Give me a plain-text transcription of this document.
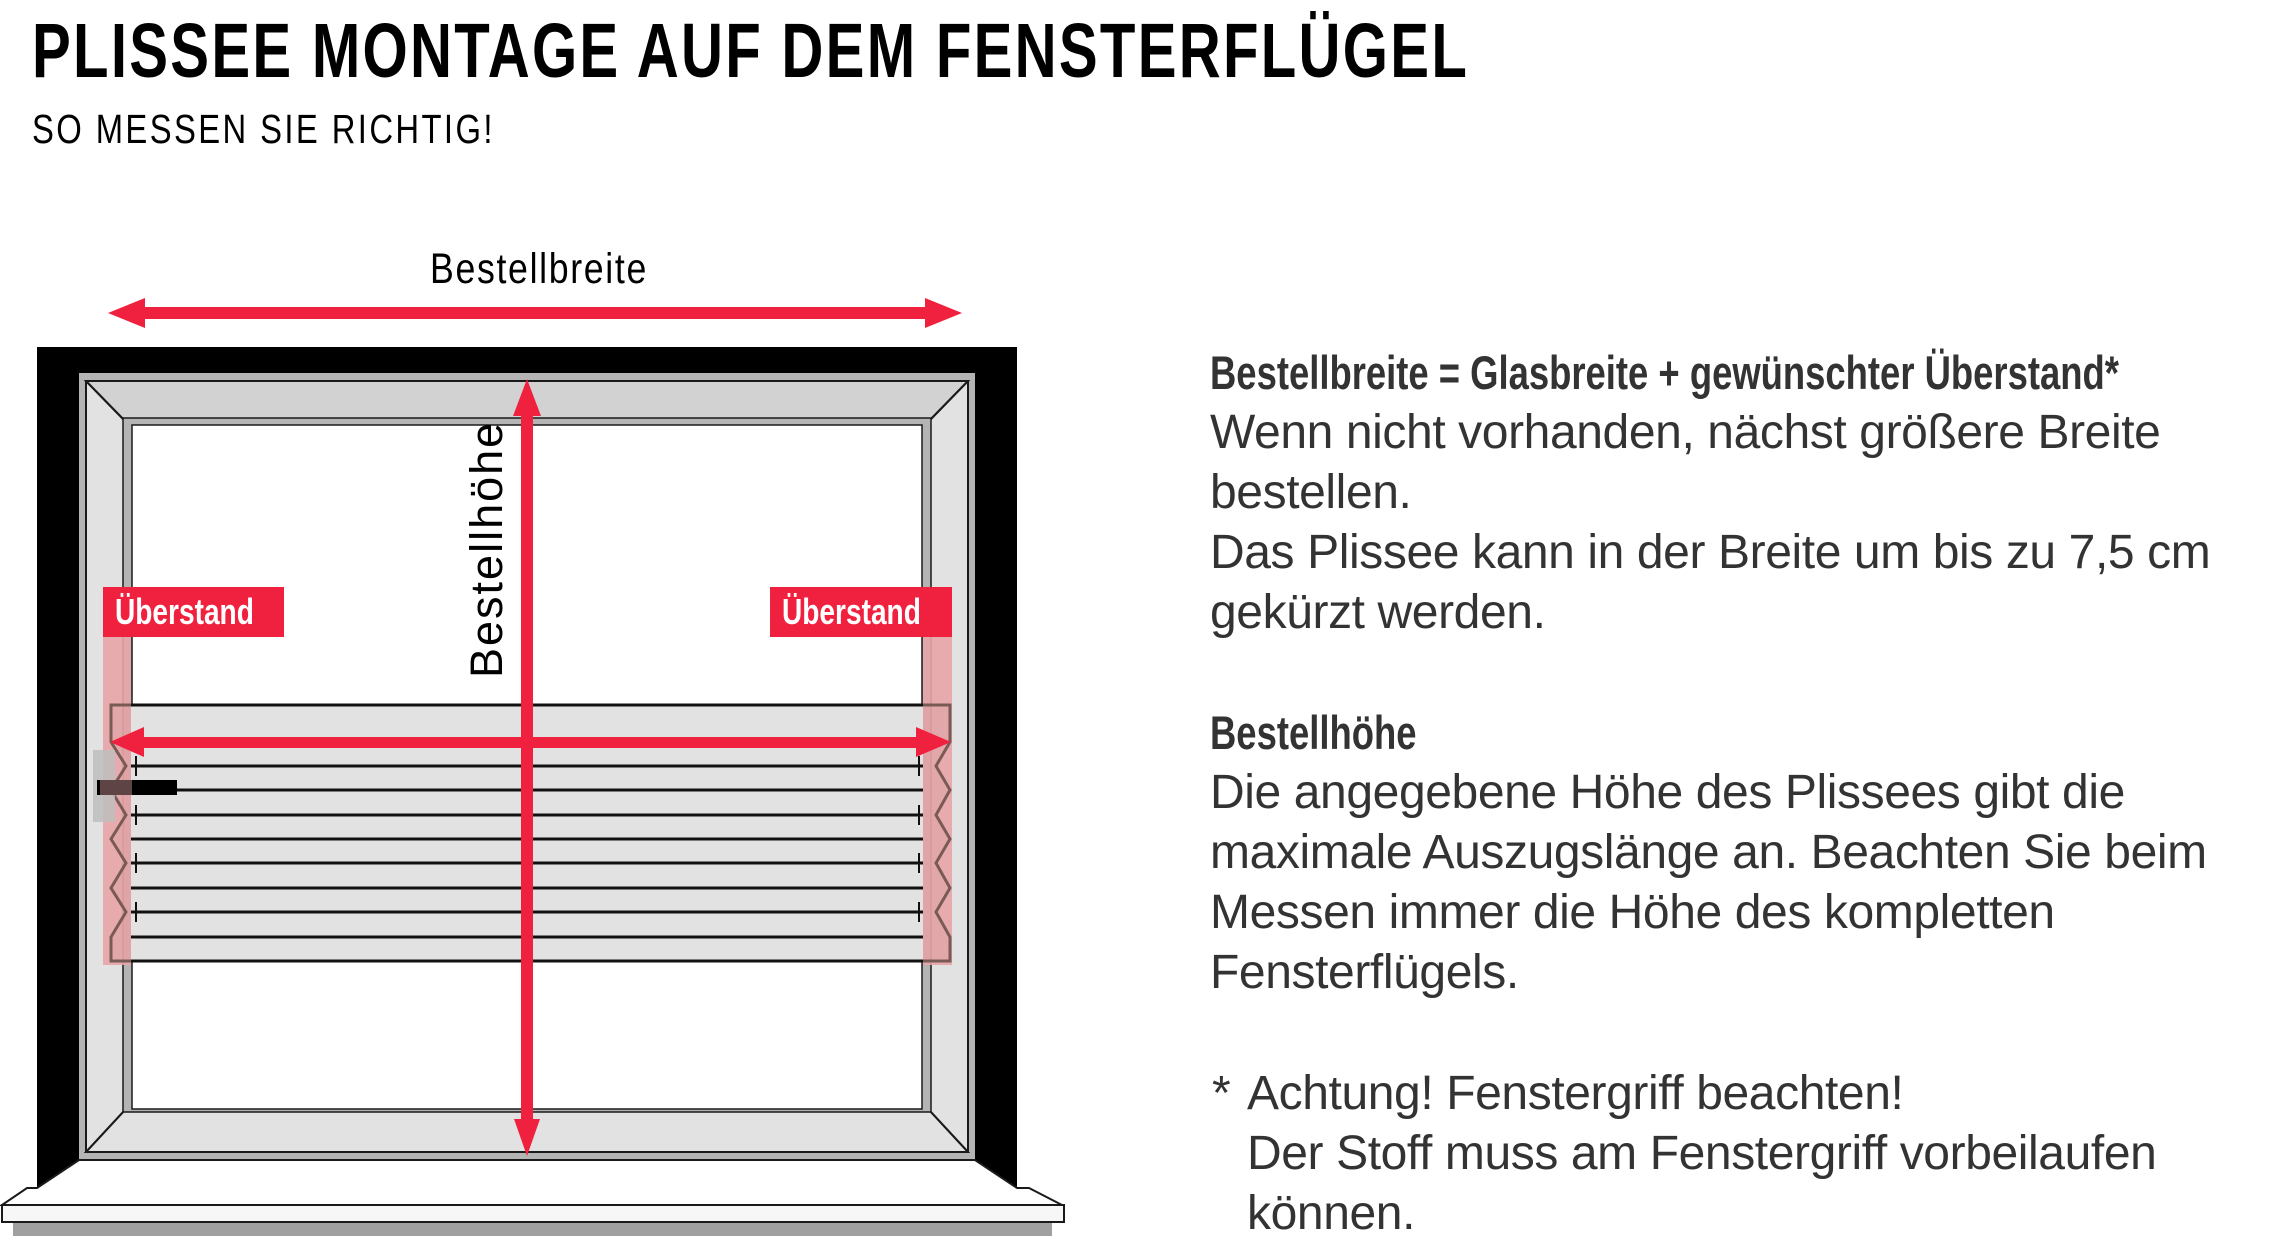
PLISSEE MONTAGE AUF DEM FENSTERFLÜGEL
SO MESSEN SIE RICHTIG!
Bestellbreite
Bestellhöhe
Überstand	Überstand
Bestellbreite = Glasbreite + gewünschter Überstand*
Wenn nicht vorhanden, nächst größere Breite
bestellen.
Das Plissee kann in der Breite um bis zu 7,5 cm
gekürzt werden.
Bestellhöhe
Die angegebene Höhe des Plissees gibt die
maximale Auszugslänge an. Beachten Sie beim
Messen immer die Höhe des kompletten
Fensterflügels.
* Achtung! Fenstergriff beachten!
Der Stoff muss am Fenstergriff vorbeilaufen
können.
